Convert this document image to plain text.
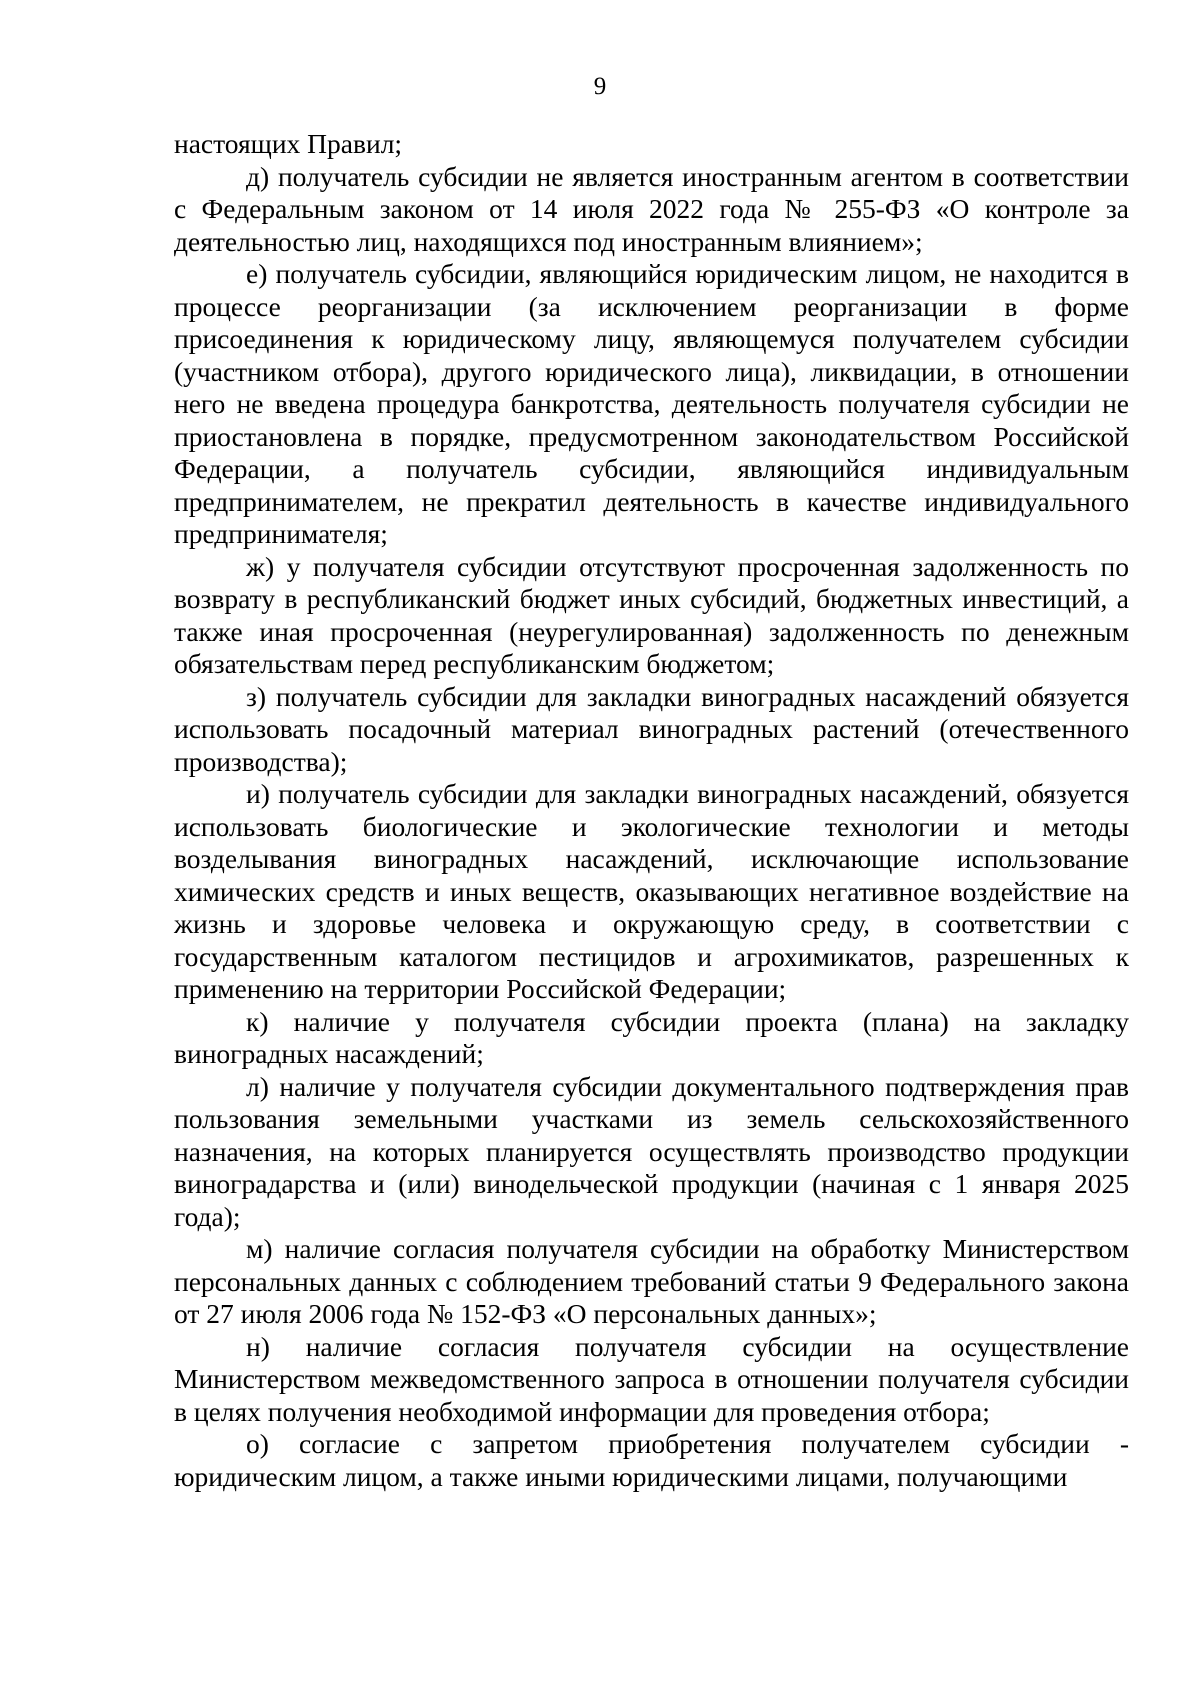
9

настоящих Правил;

д) получатель субсидии не является иностранным агентом в соответствии с Федеральным законом от 14 июля 2022 года № 255-ФЗ «О контроле за деятельностью лиц, находящихся под иностранным влиянием»;

е) получатель субсидии, являющийся юридическим лицом, не находится в процессе реорганизации (за исключением реорганизации в форме присоединения к юридическому лицу, являющемуся получателем субсидии (участником отбора), другого юридического лица), ликвидации, в отношении него не введена процедура банкротства, деятельность получателя субсидии не приостановлена в порядке, предусмотренном законодательством Российской Федерации, а получатель субсидии, являющийся индивидуальным предпринимателем, не прекратил деятельность в качестве индивидуального предпринимателя;

ж) у получателя субсидии отсутствуют просроченная задолженность по возврату в республиканский бюджет иных субсидий, бюджетных инвестиций, а также иная просроченная (неурегулированная) задолженность по денежным обязательствам перед республиканским бюджетом;

з) получатель субсидии для закладки виноградных насаждений обязуется использовать посадочный материал виноградных растений (отечественного производства);

и) получатель субсидии для закладки виноградных насаждений, обязуется использовать биологические и экологические технологии и методы возделывания виноградных насаждений, исключающие использование химических средств и иных веществ, оказывающих негативное воздействие на жизнь и здоровье человека и окружающую среду, в соответствии с государственным каталогом пестицидов и агрохимикатов, разрешенных к применению на территории Российской Федерации;

к) наличие у получателя субсидии проекта (плана) на закладку виноградных насаждений;

л) наличие у получателя субсидии документального подтверждения прав пользования земельными участками из земель сельскохозяйственного назначения, на которых планируется осуществлять производство продукции виноградарства и (или) винодельческой продукции (начиная с 1 января 2025 года);

м) наличие согласия получателя субсидии на обработку Министерством персональных данных с соблюдением требований статьи 9 Федерального закона от 27 июля 2006 года № 152-ФЗ «О персональных данных»;

н) наличие согласия получателя субсидии на осуществление Министерством межведомственного запроса в отношении получателя субсидии в целях получения необходимой информации для проведения отбора;

о) согласие с запретом приобретения получателем субсидии - юридическим лицом, а также иными юридическими лицами, получающими
